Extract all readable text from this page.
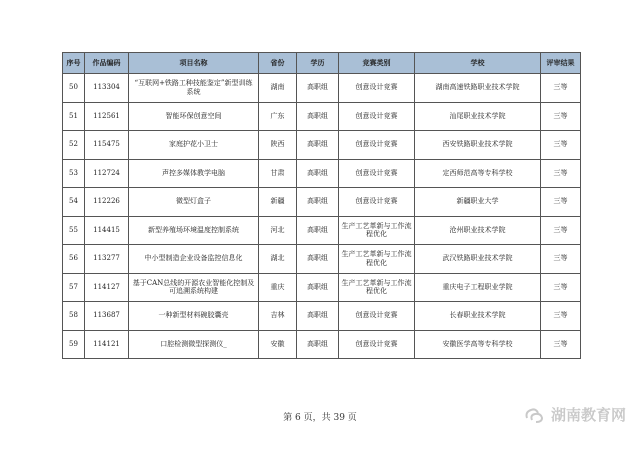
序号	作品编码	项目名称	省份	学历	竞赛类别	学校	评审结果
50	113304	“互联网+铁路工种技能鉴定”新型训练系统	湖南	高职组	创意设计竞赛	湖南高速铁路职业技术学院	三等
51	112561	智能环保创意空间	广东	高职组	创意设计竞赛	汕尾职业技术学院	三等
52	115475	家庭护花小卫士	陕西	高职组	创意设计竞赛	西安铁路职业技术学院	三等
53	112724	声控多媒体教学电脑	甘肃	高职组	创意设计竞赛	定西师范高等专科学校	三等
54	112226	微型灯盒子	新疆	高职组	创意设计竞赛	新疆职业大学	三等
55	114415	新型养殖场环境温度控制系统	河北	高职组	生产工艺革新与工作流程优化	沧州职业技术学院	三等
56	113277	中小型制造企业设备监控信息化	湖北	高职组	生产工艺革新与工作流程优化	武汉铁路职业技术学院	三等
57	114127	基于CAN总线的开源农业智能化控制及可追溯系统构建	重庆	高职组	生产工艺革新与工作流程优化	重庆电子工程职业学院	三等
58	113687	一种新型材料碗胶囊壳	吉林	高职组	创意设计竞赛	长春职业技术学院	三等
59	114121	口腔检测微型探测仪_	安徽	高职组	创意设计竞赛	安徽医学高等专科学校	三等
第 6 页，共 39 页	湖南教育网
